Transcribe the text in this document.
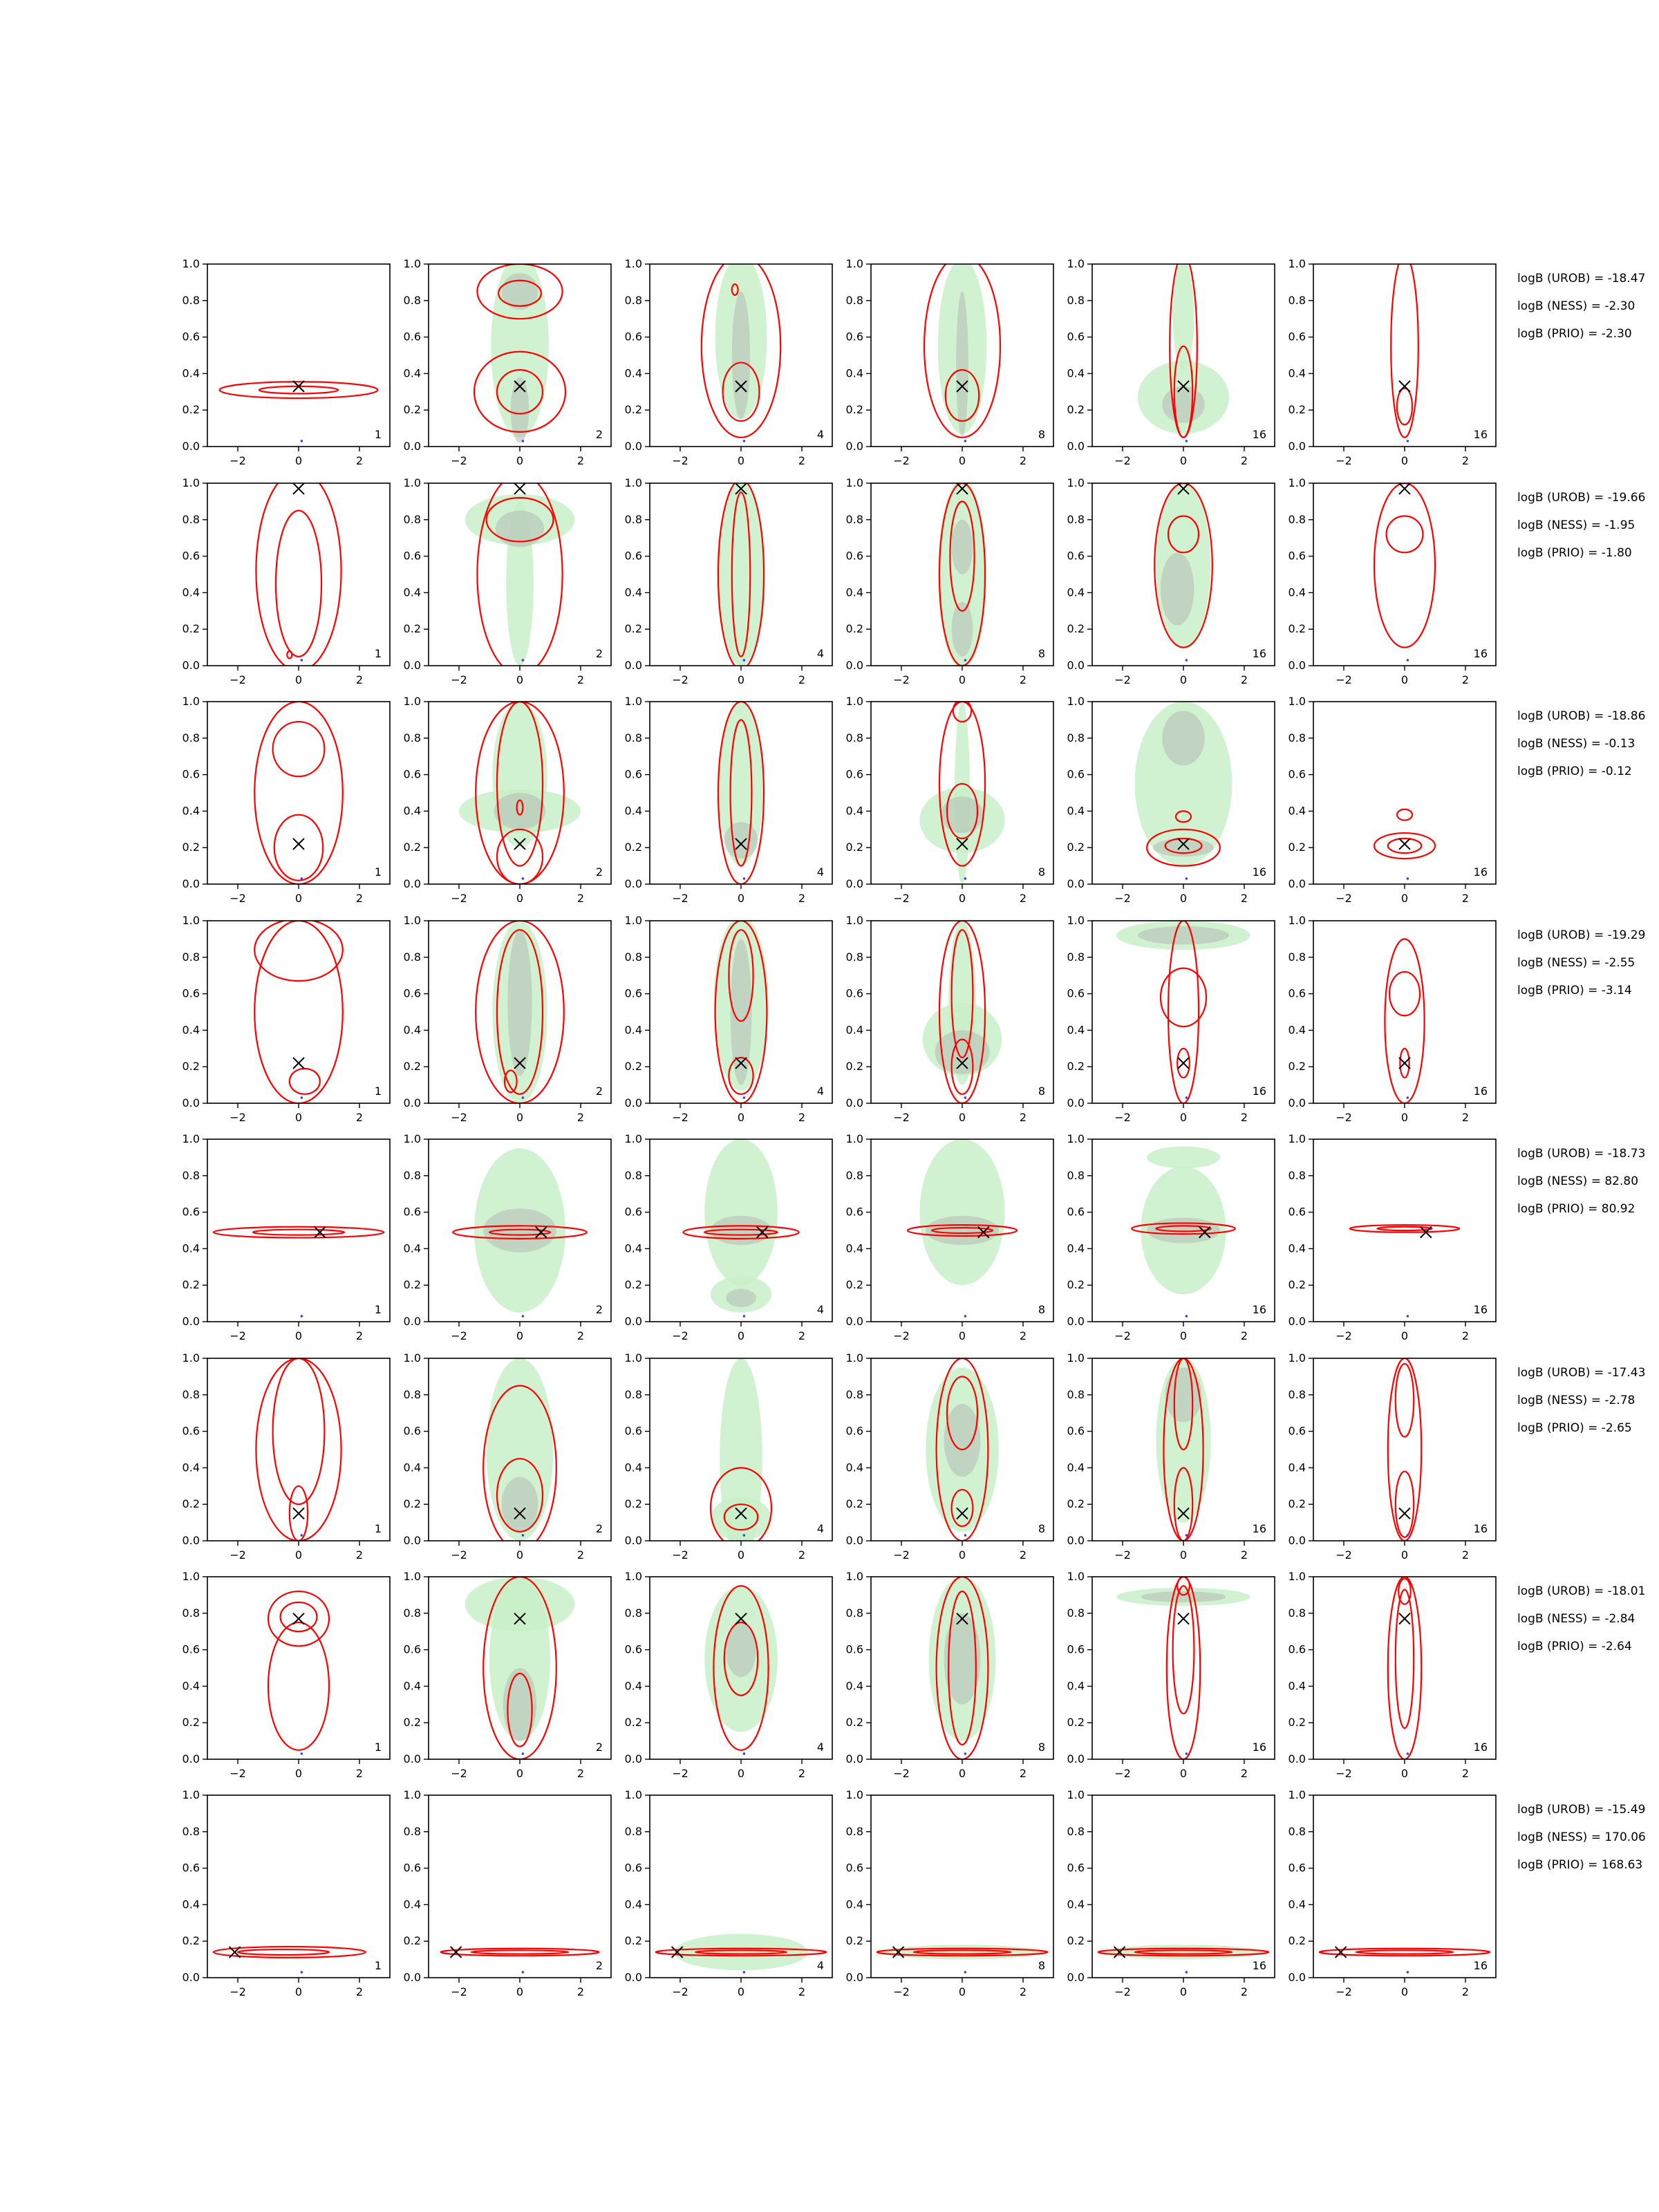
−2	0	2
0.0
0.2
0.4
0.6
0.8
1.0
1
−2	0	2
0.0
0.2
0.4
0.6
0.8
1.0
2
−2	0	2
0.0
0.2
0.4
0.6
0.8
1.0
4
−2	0	2
0.0
0.2
0.4
0.6
0.8
1.0
8
−2	0	2
0.0
0.2
0.4
0.6
0.8
1.0
16
−2	0	2
0.0
0.2
0.4
0.6
0.8
1.0
16
logB (UROB) = -18.47
logB (NESS) = -2.30
logB (PRIO) = -2.30
−2	0	2
0.0
0.2
0.4
0.6
0.8
1.0
1
−2	0	2
0.0
0.2
0.4
0.6
0.8
1.0
2
−2	0	2
0.0
0.2
0.4
0.6
0.8
1.0
4
−2	0	2
0.0
0.2
0.4
0.6
0.8
1.0
8
−2	0	2
0.0
0.2
0.4
0.6
0.8
1.0
16
−2	0	2
0.0
0.2
0.4
0.6
0.8
1.0
16
logB (UROB) = -19.66
logB (NESS) = -1.95
logB (PRIO) = -1.80
−2	0	2
0.0
0.2
0.4
0.6
0.8
1.0
1
−2	0	2
0.0
0.2
0.4
0.6
0.8
1.0
2
−2	0	2
0.0
0.2
0.4
0.6
0.8
1.0
4
−2	0	2
0.0
0.2
0.4
0.6
0.8
1.0
8
−2	0	2
0.0
0.2
0.4
0.6
0.8
1.0
16
−2	0	2
0.0
0.2
0.4
0.6
0.8
1.0
16
logB (UROB) = -18.86
logB (NESS) = -0.13
logB (PRIO) = -0.12
−2	0	2
0.0
0.2
0.4
0.6
0.8
1.0
1
−2	0	2
0.0
0.2
0.4
0.6
0.8
1.0
2
−2	0	2
0.0
0.2
0.4
0.6
0.8
1.0
4
−2	0	2
0.0
0.2
0.4
0.6
0.8
1.0
8
−2	0	2
0.0
0.2
0.4
0.6
0.8
1.0
16
−2	0	2
0.0
0.2
0.4
0.6
0.8
1.0
16
logB (UROB) = -19.29
logB (NESS) = -2.55
logB (PRIO) = -3.14
−2	0	2
0.0
0.2
0.4
0.6
0.8
1.0
1
−2	0	2
0.0
0.2
0.4
0.6
0.8
1.0
2
−2	0	2
0.0
0.2
0.4
0.6
0.8
1.0
4
−2	0	2
0.0
0.2
0.4
0.6
0.8
1.0
8
−2	0	2
0.0
0.2
0.4
0.6
0.8
1.0
16
−2	0	2
0.0
0.2
0.4
0.6
0.8
1.0
16
logB (UROB) = -18.73
logB (NESS) = 82.80
logB (PRIO) = 80.92
−2	0	2
0.0
0.2
0.4
0.6
0.8
1.0
1
−2	0	2
0.0
0.2
0.4
0.6
0.8
1.0
2
−2	0	2
0.0
0.2
0.4
0.6
0.8
1.0
4
−2	0	2
0.0
0.2
0.4
0.6
0.8
1.0
8
−2	0	2
0.0
0.2
0.4
0.6
0.8
1.0
16
−2	0	2
0.0
0.2
0.4
0.6
0.8
1.0
16
logB (UROB) = -17.43
logB (NESS) = -2.78
logB (PRIO) = -2.65
−2	0	2
0.0
0.2
0.4
0.6
0.8
1.0
1
−2	0	2
0.0
0.2
0.4
0.6
0.8
1.0
2
−2	0	2
0.0
0.2
0.4
0.6
0.8
1.0
4
−2	0	2
0.0
0.2
0.4
0.6
0.8
1.0
8
−2	0	2
0.0
0.2
0.4
0.6
0.8
1.0
16
−2	0	2
0.0
0.2
0.4
0.6
0.8
1.0
16
logB (UROB) = -18.01
logB (NESS) = -2.84
logB (PRIO) = -2.64
−2	0	2
0.0
0.2
0.4
0.6
0.8
1.0
1
−2	0	2
0.0
0.2
0.4
0.6
0.8
1.0
2
−2	0	2
0.0
0.2
0.4
0.6
0.8
1.0
4
−2	0	2
0.0
0.2
0.4
0.6
0.8
1.0
8
−2	0	2
0.0
0.2
0.4
0.6
0.8
1.0
16
−2	0	2
0.0
0.2
0.4
0.6
0.8
1.0
16
logB (UROB) = -15.49
logB (NESS) = 170.06
logB (PRIO) = 168.63
